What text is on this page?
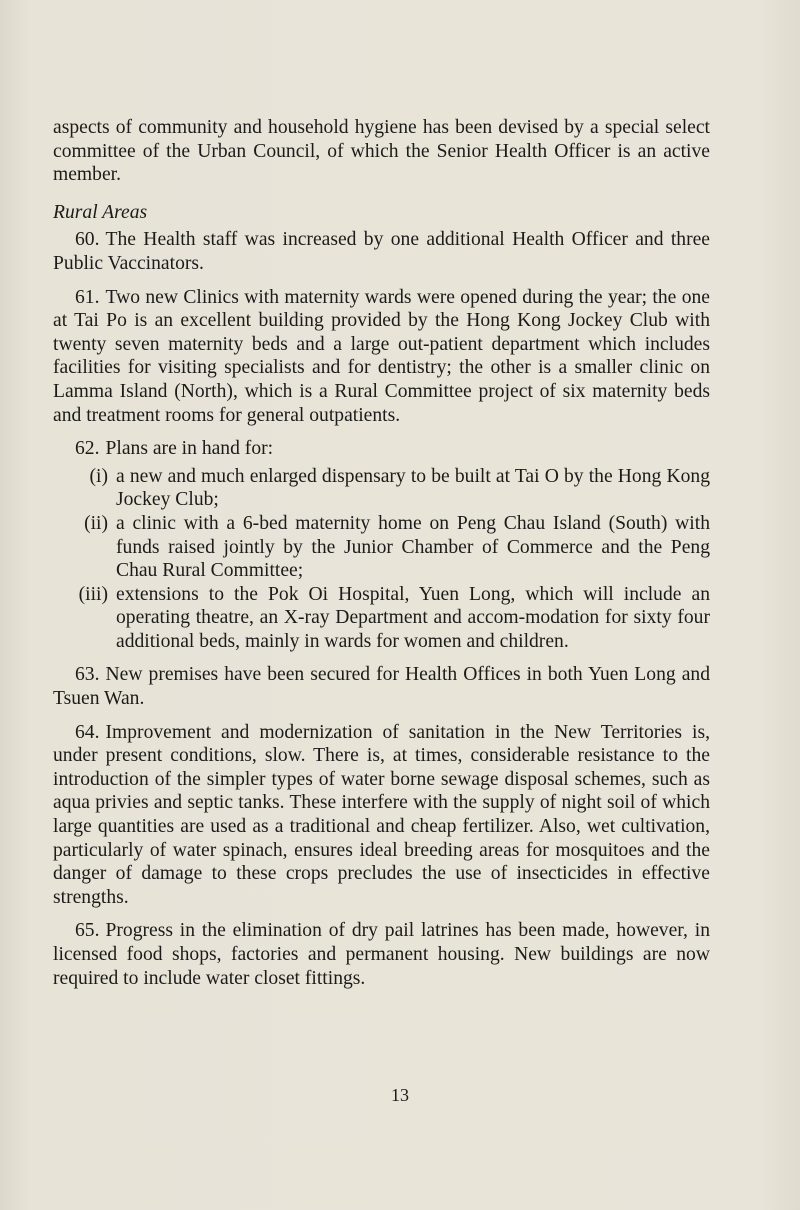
aspects of community and household hygiene has been devised by a special select committee of the Urban Council, of which the Senior Health Officer is an active member.

Rural Areas

60. The Health staff was increased by one additional Health Officer and three Public Vaccinators.

61. Two new Clinics with maternity wards were opened during the year; the one at Tai Po is an excellent building provided by the Hong Kong Jockey Club with twenty seven maternity beds and a large out-patient department which includes facilities for visiting specialists and for dentistry; the other is a smaller clinic on Lamma Island (North), which is a Rural Committee project of six maternity beds and treatment rooms for general outpatients.

62. Plans are in hand for:

(i) a new and much enlarged dispensary to be built at Tai O by the Hong Kong Jockey Club;
(ii) a clinic with a 6-bed maternity home on Peng Chau Island (South) with funds raised jointly by the Junior Chamber of Commerce and the Peng Chau Rural Committee;
(iii) extensions to the Pok Oi Hospital, Yuen Long, which will include an operating theatre, an X-ray Department and accom-modation for sixty four additional beds, mainly in wards for women and children.

63. New premises have been secured for Health Offices in both Yuen Long and Tsuen Wan.

64. Improvement and modernization of sanitation in the New Territories is, under present conditions, slow. There is, at times, considerable resistance to the introduction of the simpler types of water borne sewage disposal schemes, such as aqua privies and septic tanks. These interfere with the supply of night soil of which large quantities are used as a traditional and cheap fertilizer. Also, wet cultivation, particularly of water spinach, ensures ideal breeding areas for mosquitoes and the danger of damage to these crops precludes the use of insecticides in effective strengths.

65. Progress in the elimination of dry pail latrines has been made, however, in licensed food shops, factories and permanent housing. New buildings are now required to include water closet fittings.

13
